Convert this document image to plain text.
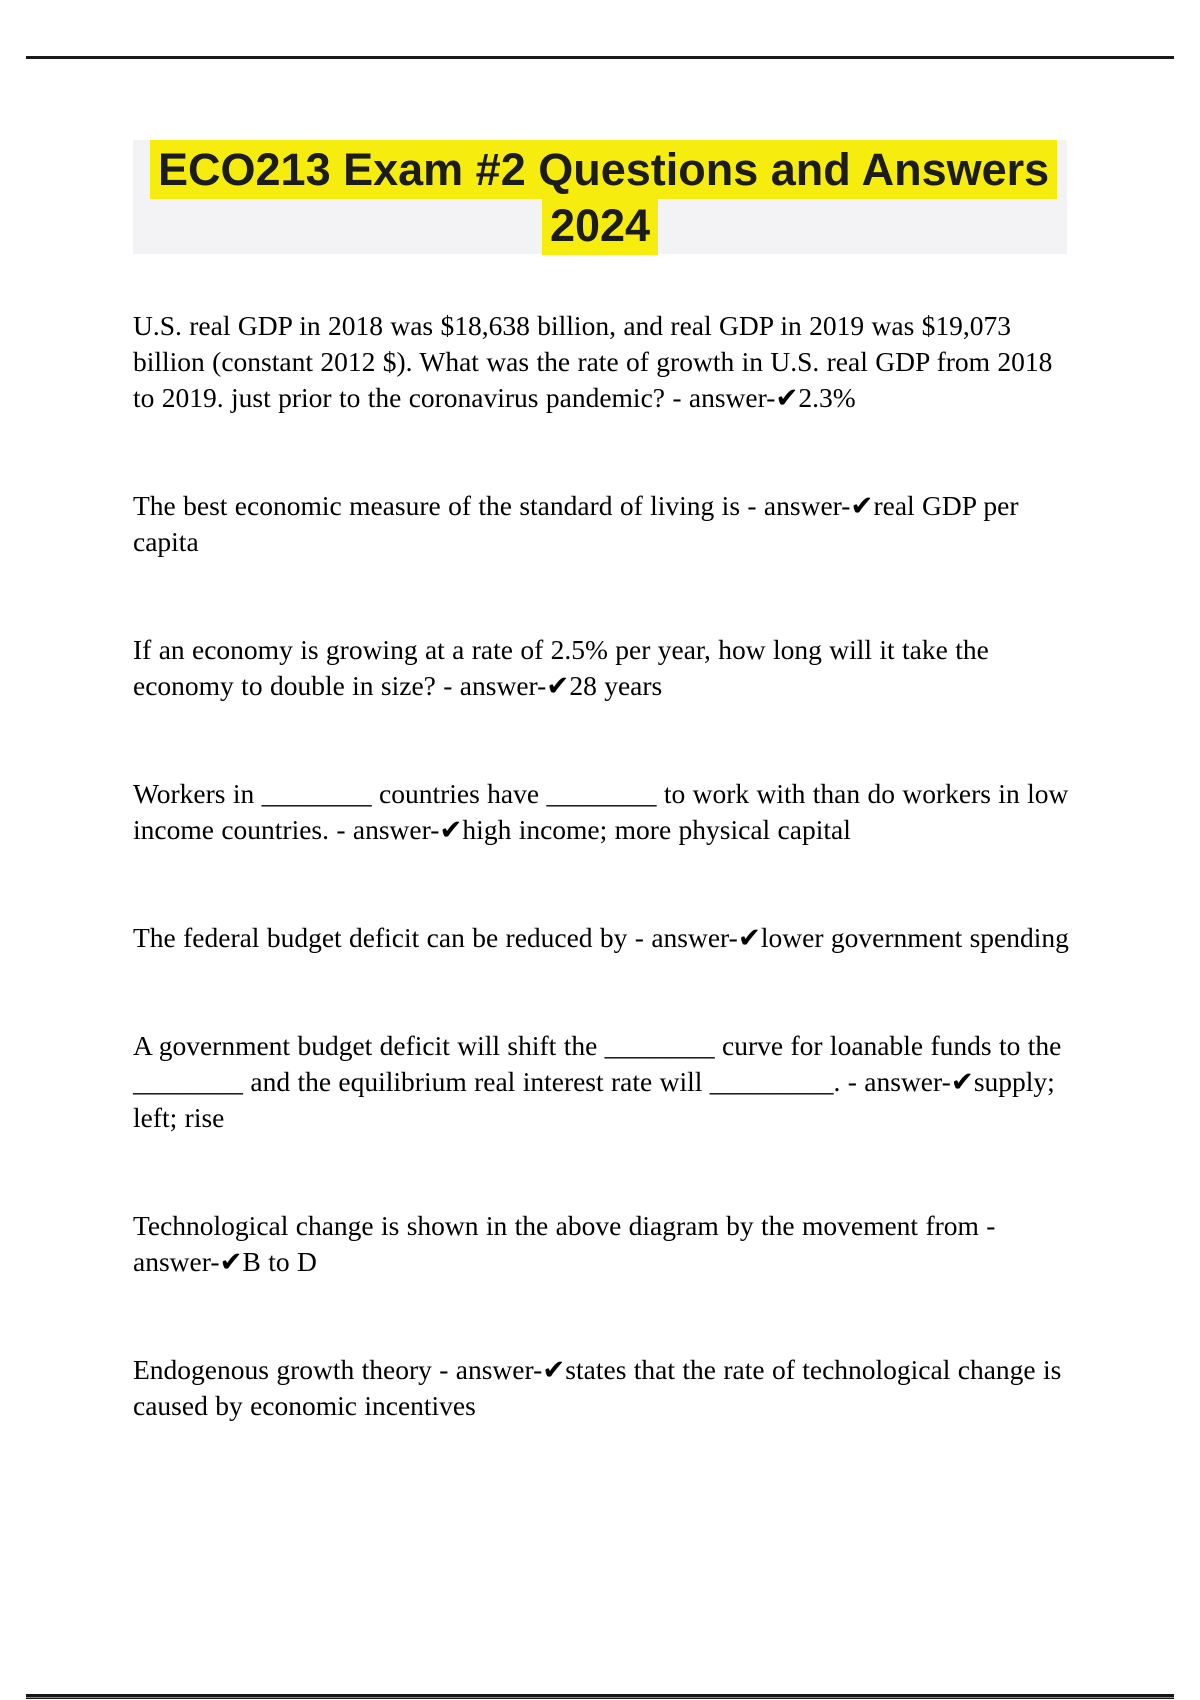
ECO213 Exam #2 Questions and Answers 2024

U.S. real GDP in 2018 was $18,638 billion, and real GDP in 2019 was $19,073 billion (constant 2012 $). What was the rate of growth in U.S. real GDP from 2018 to 2019. just prior to the coronavirus pandemic? - answer-✔2.3%

The best economic measure of the standard of living is - answer-✔real GDP per capita

If an economy is growing at a rate of 2.5% per year, how long will it take the economy to double in size? - answer-✔28 years

Workers in ________ countries have ________ to work with than do workers in low income countries. - answer-✔high income; more physical capital

The federal budget deficit can be reduced by - answer-✔lower government spending

A government budget deficit will shift the ________ curve for loanable funds to the ________ and the equilibrium real interest rate will _________. - answer-✔supply; left; rise

Technological change is shown in the above diagram by the movement from - answer-✔B to D

Endogenous growth theory - answer-✔states that the rate of technological change is caused by economic incentives
